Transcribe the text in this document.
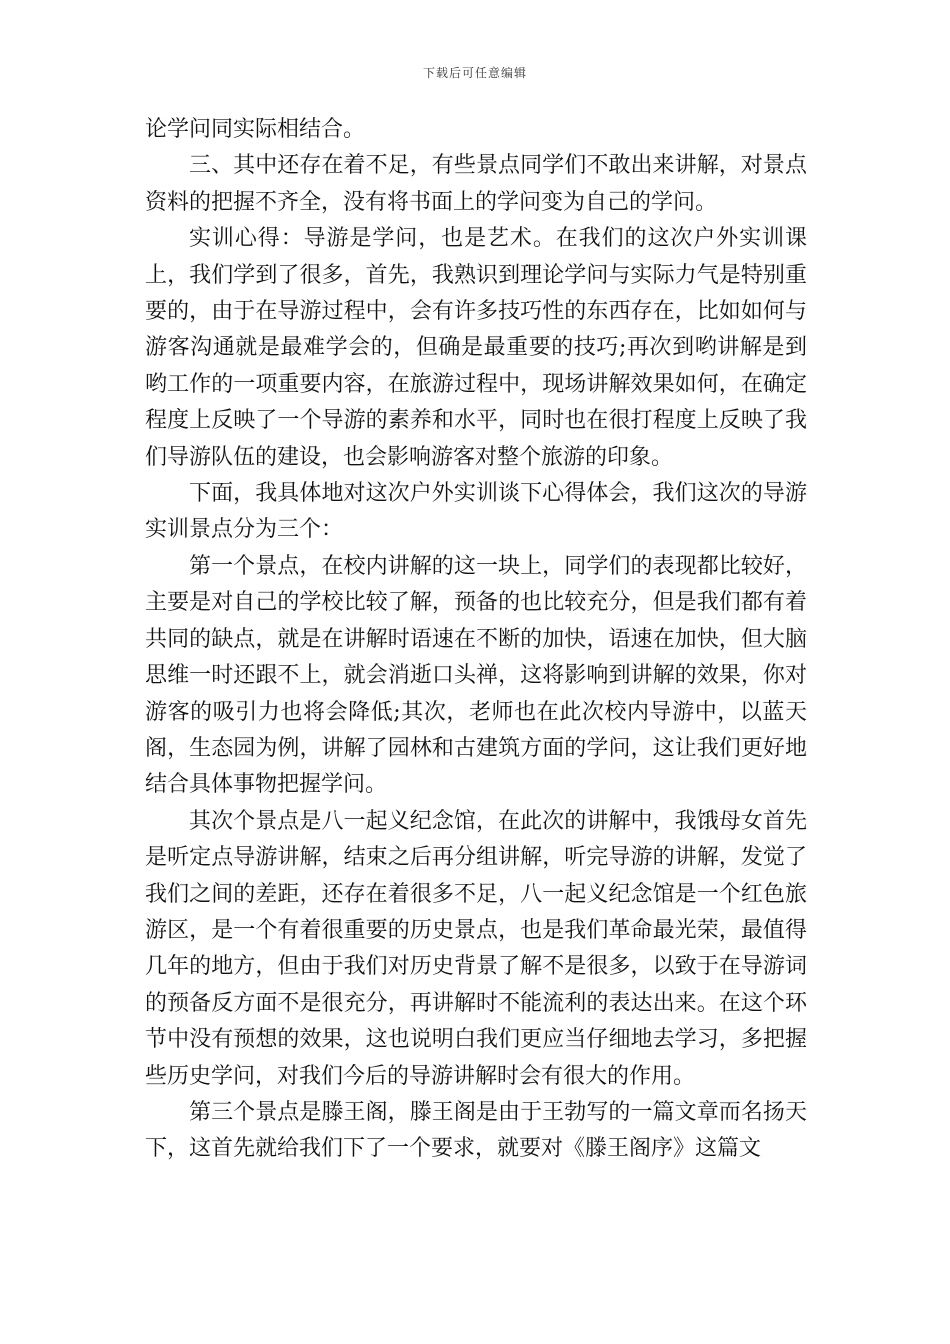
下载后可任意编辑

论学问同实际相结合。

三、其中还存在着不足，有些景点同学们不敢出来讲解，对景点资料的把握不齐全，没有将书面上的学问变为自己的学问。

实训心得：导游是学问，也是艺术。在我们的这次户外实训课上，我们学到了很多，首先，我熟识到理论学问与实际力气是特别重要的，由于在导游过程中，会有许多技巧性的东西存在，比如如何与游客沟通就是最难学会的，但确是最重要的技巧;再次到哟讲解是到哟工作的一项重要内容，在旅游过程中，现场讲解效果如何，在确定程度上反映了一个导游的素养和水平，同时也在很打程度上反映了我们导游队伍的建设，也会影响游客对整个旅游的印象。

下面，我具体地对这次户外实训谈下心得体会，我们这次的导游实训景点分为三个：

第一个景点，在校内讲解的这一块上，同学们的表现都比较好，主要是对自己的学校比较了解，预备的也比较充分，但是我们都有着共同的缺点，就是在讲解时语速在不断的加快，语速在加快，但大脑思维一时还跟不上，就会消逝口头禅，这将影响到讲解的效果，你对游客的吸引力也将会降低;其次，老师也在此次校内导游中，以蓝天阁，生态园为例，讲解了园林和古建筑方面的学问，这让我们更好地结合具体事物把握学问。

其次个景点是八一起义纪念馆，在此次的讲解中，我饿母女首先是听定点导游讲解，结束之后再分组讲解，听完导游的讲解，发觉了我们之间的差距，还存在着很多不足，八一起义纪念馆是一个红色旅游区，是一个有着很重要的历史景点，也是我们革命最光荣，最值得几年的地方，但由于我们对历史背景了解不是很多，以致于在导游词的预备反方面不是很充分，再讲解时不能流利的表达出来。在这个环节中没有预想的效果，这也说明白我们更应当仔细地去学习，多把握些历史学问，对我们今后的导游讲解时会有很大的作用。

第三个景点是滕王阁，滕王阁是由于王勃写的一篇文章而名扬天下，这首先就给我们下了一个要求，就要对《滕王阁序》这篇文
